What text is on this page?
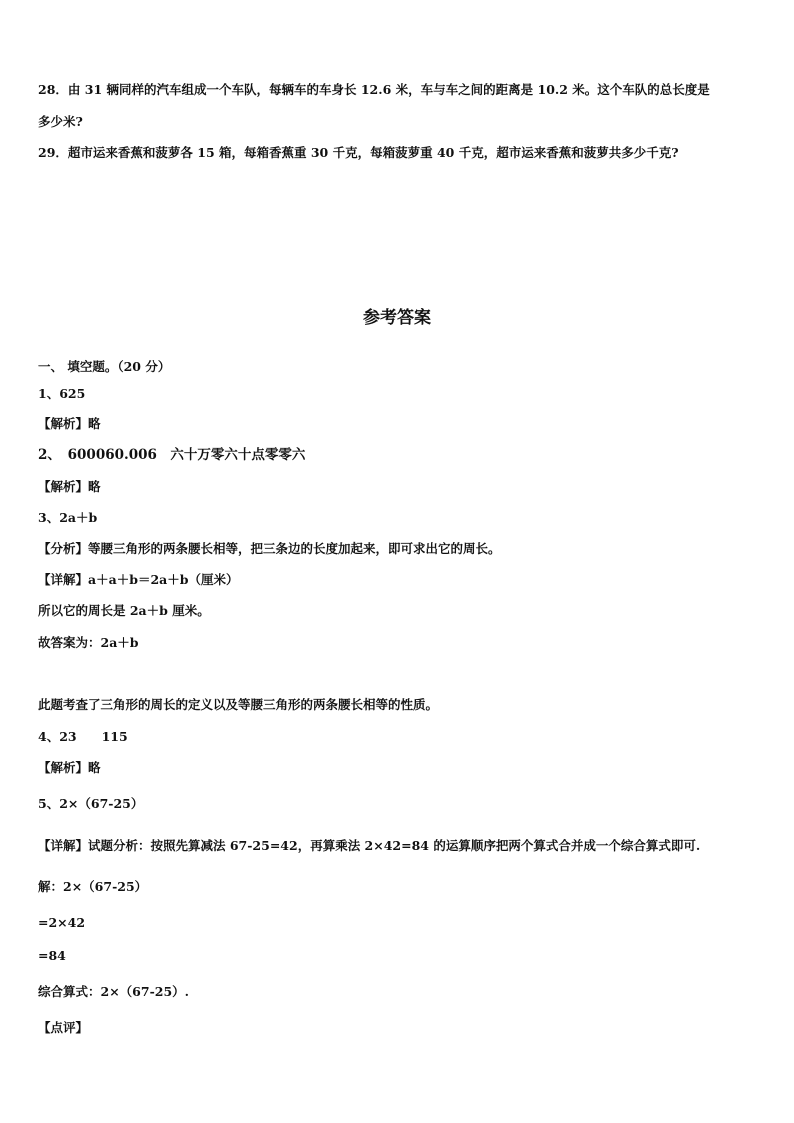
28．由 31 辆同样的汽车组成一个车队，每辆车的车身长 12.6 米，车与车之间的距离是 10.2 米。这个车队的总长度是
多少米?
29．超市运来香蕉和菠萝各 15 箱，每箱香蕉重 30 千克，每箱菠萝重 40 千克，超市运来香蕉和菠萝共多少千克?
参考答案
一、 填空题。（20 分）
1、625
【解析】略
2、　600060.006　六十万零六十点零零六
【解析】略
3、2a＋b
【分析】等腰三角形的两条腰长相等，把三条边的长度加起来，即可求出它的周长。
【详解】a＋a＋b＝2a＋b（厘米）
所以它的周长是 2a＋b 厘米。
故答案为：2a＋b
此题考查了三角形的周长的定义以及等腰三角形的两条腰长相等的性质。
4、23　　115
【解析】略
5、2×（67-25）
【详解】试题分析：按照先算减法 67-25=42，再算乘法 2×42=84 的运算顺序把两个算式合并成一个综合算式即可.
解：2×（67-25）
=2×42
=84
综合算式：2×（67-25）.
【点评】
